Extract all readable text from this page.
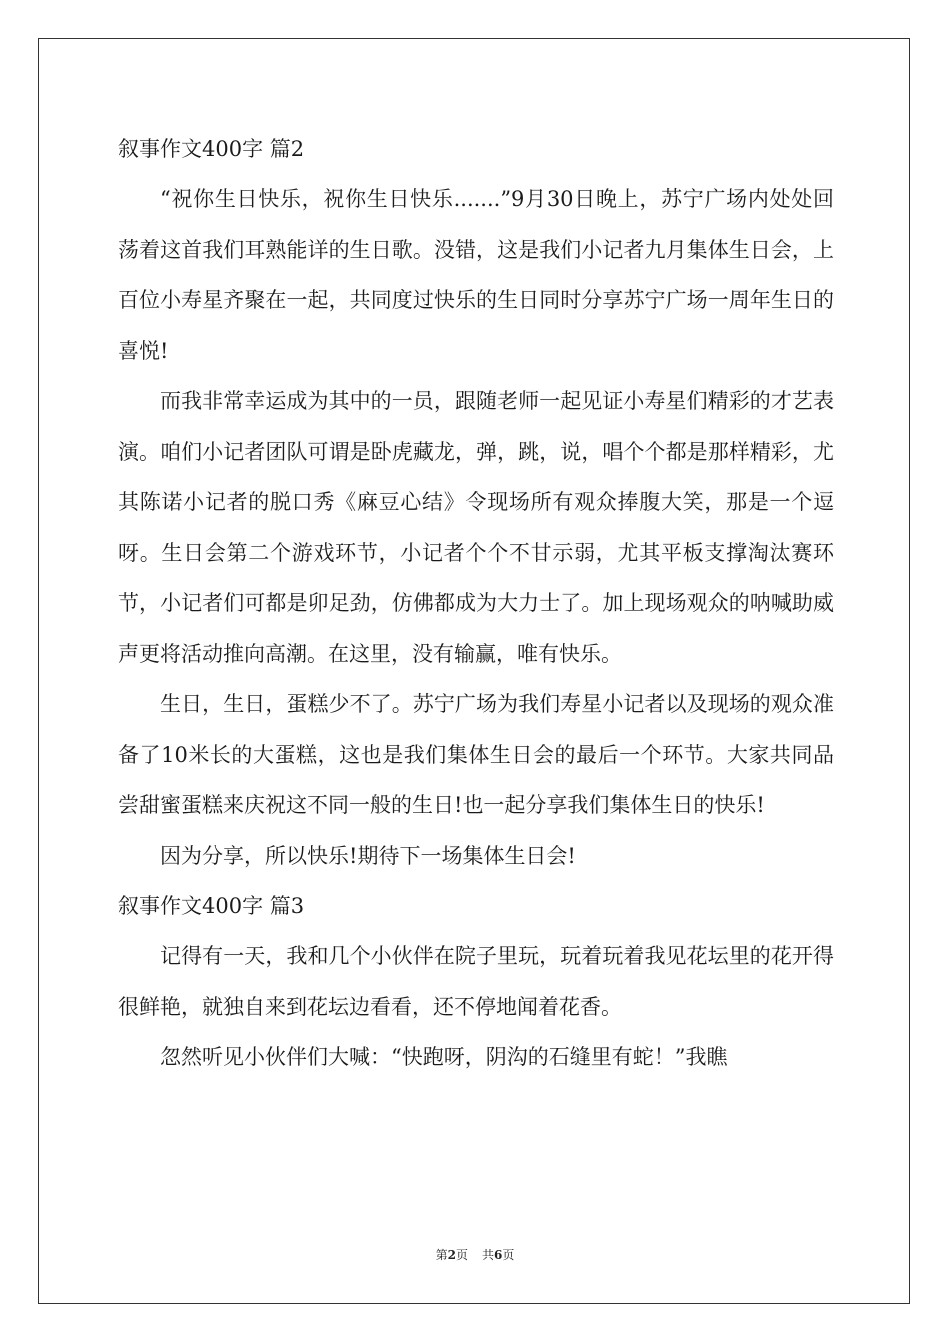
叙事作文400字 篇2

“祝你生日快乐，祝你生日快乐.......”9月30日晚上，苏宁广场内处处回荡着这首我们耳熟能详的生日歌。没错，这是我们小记者九月集体生日会，上百位小寿星齐聚在一起，共同度过快乐的生日同时分享苏宁广场一周年生日的喜悦!

而我非常幸运成为其中的一员，跟随老师一起见证小寿星们精彩的才艺表演。咱们小记者团队可谓是卧虎藏龙，弹，跳，说，唱个个都是那样精彩，尤其陈诺小记者的脱口秀《麻豆心结》令现场所有观众捧腹大笑，那是一个逗呀。生日会第二个游戏环节，小记者个个不甘示弱，尤其平板支撑淘汰赛环节，小记者们可都是卯足劲，仿佛都成为大力士了。加上现场观众的呐喊助威声更将活动推向高潮。在这里，没有输赢，唯有快乐。

生日，生日，蛋糕少不了。苏宁广场为我们寿星小记者以及现场的观众准备了10米长的大蛋糕，这也是我们集体生日会的最后一个环节。大家共同品尝甜蜜蛋糕来庆祝这不同一般的生日!也一起分享我们集体生日的快乐!

因为分享，所以快乐!期待下一场集体生日会!

叙事作文400字 篇3

记得有一天，我和几个小伙伴在院子里玩，玩着玩着我见花坛里的花开得很鲜艳，就独自来到花坛边看看，还不停地闻着花香。

忽然听见小伙伴们大喊：“快跑呀，阴沟的石缝里有蛇！”我瞧

第2页 共6页
